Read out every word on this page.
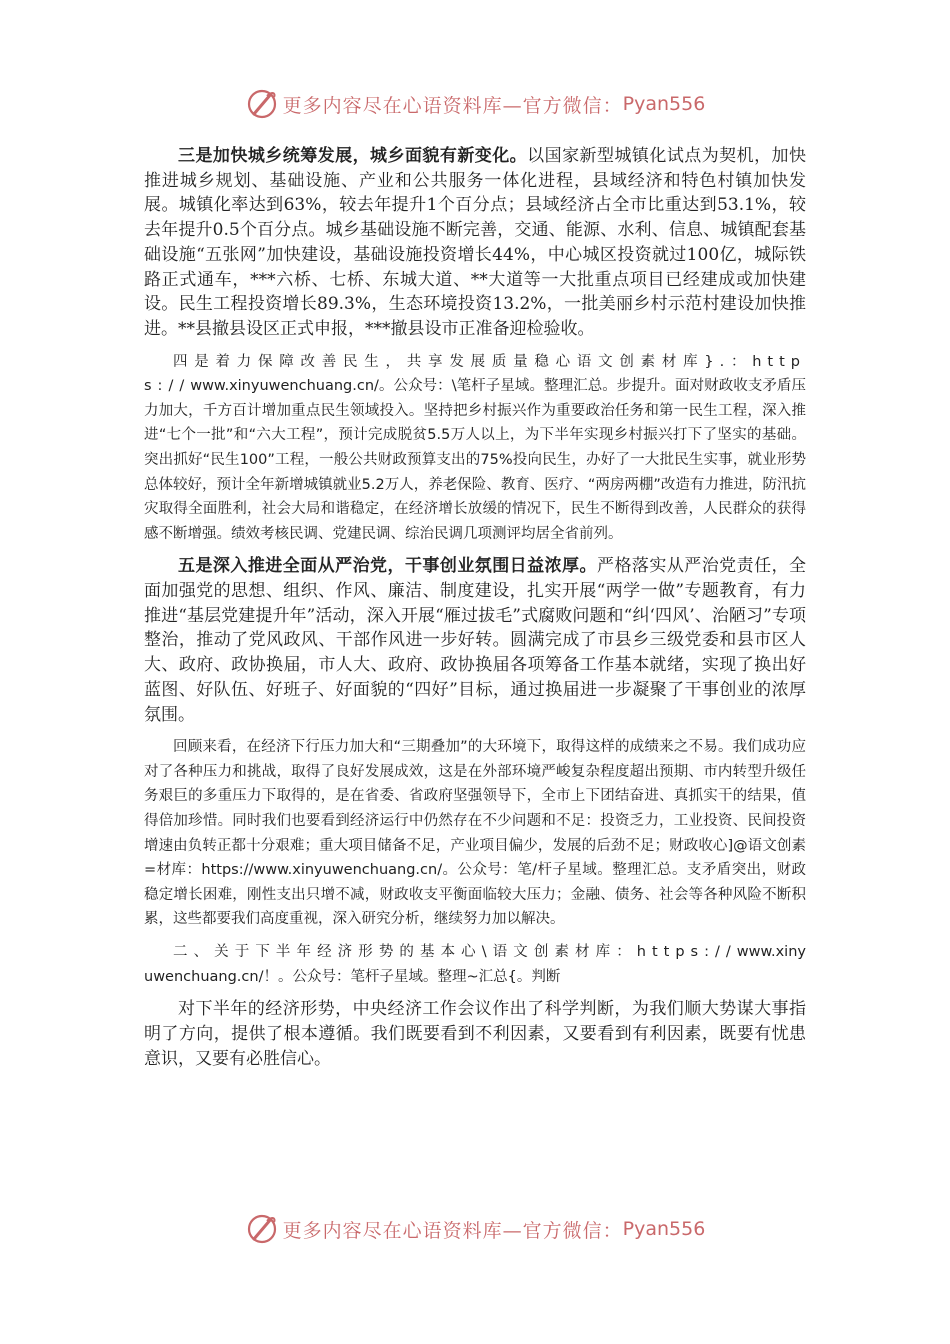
更多内容尽在心语资料库—官方微信： Pyan556

三是加快城乡统筹发展，城乡面貌有新变化。以国家新型城镇化试点为契机，加快推进城乡规划、基础设施、产业和公共服务一体化进程，县域经济和特色村镇加快发展。城镇化率达到63%，较去年提升1个百分点；县域经济占全市比重达到53.1%，较去年提升0.5个百分点。城乡基础设施不断完善，交通、能源、水利、信息、城镇配套基础设施“五张网”加快建设，基础设施投资增长44%，中心城区投资就过100亿，城际铁路正式通车，***六桥、七桥、东城大道、**大道等一大批重点项目已经建成或加快建设。民生工程投资增长89.3%，生态环境投资13.2%，一批美丽乡村示范村建设加快推进。**县撤县设区正式申报，***撤县设市正准备迎检验收。

四是着力保障改善民生，共享发展质量稳心语文创素材库}.：https://www.xinyuwenchuang.cn/。公众号：\笔杆子星域。整理汇总。步提升。面对财政收支矛盾压力加大，千方百计增加重点民生领域投入。坚持把乡村振兴作为重要政治任务和第一民生工程，深入推进“七个一批”和“六大工程”，预计完成脱贫5.5万人以上，为下半年实现乡村振兴打下了坚实的基础。突出抓好“民生100”工程，一般公共财政预算支出的75%投向民生，办好了一大批民生实事，就业形势总体较好，预计全年新增城镇就业5.2万人，养老保险、教育、医疗、“两房两棚”改造有力推进，防汛抗灾取得全面胜利，社会大局和谐稳定，在经济增长放缓的情况下，民生不断得到改善，人民群众的获得感不断增强。绩效考核民调、党建民调、综治民调几项测评均居全省前列。

五是深入推进全面从严治党，干事创业氛围日益浓厚。严格落实从严治党责任，全面加强党的思想、组织、作风、廉洁、制度建设，扎实开展“两学一做”专题教育，有力推进“基层党建提升年”活动，深入开展“雁过拔毛”式腐败问题和“纠‘四风’、治陋习”专项整治，推动了党风政风、干部作风进一步好转。圆满完成了市县乡三级党委和县市区人大、政府、政协换届，市人大、政府、政协换届各项筹备工作基本就绪，实现了换出好蓝图、好队伍、好班子、好面貌的“四好”目标，通过换届进一步凝聚了干事创业的浓厚氛围。

回顾来看，在经济下行压力加大和“三期叠加”的大环境下，取得这样的成绩来之不易。我们成功应对了各种压力和挑战，取得了良好发展成效，这是在外部环境严峻复杂程度超出预期、市内转型升级任务艰巨的多重压力下取得的，是在省委、省政府坚强领导下，全市上下团结奋进、真抓实干的结果，值得倍加珍惜。同时我们也要看到经济运行中仍然存在不少问题和不足：投资乏力，工业投资、民间投资增速由负转正都十分艰难；重大项目储备不足，产业项目偏少，发展的后劲不足；财政收心]@语文创素=材库：https://www.xinyuwenchuang.cn/。公众号：笔/杆子星域。整理汇总。支矛盾突出，财政稳定增长困难，刚性支出只增不减，财政收支平衡面临较大压力；金融、债务、社会等各种风险不断积累，这些都要我们高度重视，深入研究分析，继续努力加以解决。

二、关于下半年经济形势的基本心\语文创素材库：https://www.xinyuwenchuang.cn/！。公众号：笔杆子星域。整理~汇总{。判断

对下半年的经济形势，中央经济工作会议作出了科学判断，为我们顺大势谋大事指明了方向，提供了根本遵循。我们既要看到不利因素，又要看到有利因素，既要有忧患意识，又要有必胜信心。

更多内容尽在心语资料库—官方微信： Pyan556
